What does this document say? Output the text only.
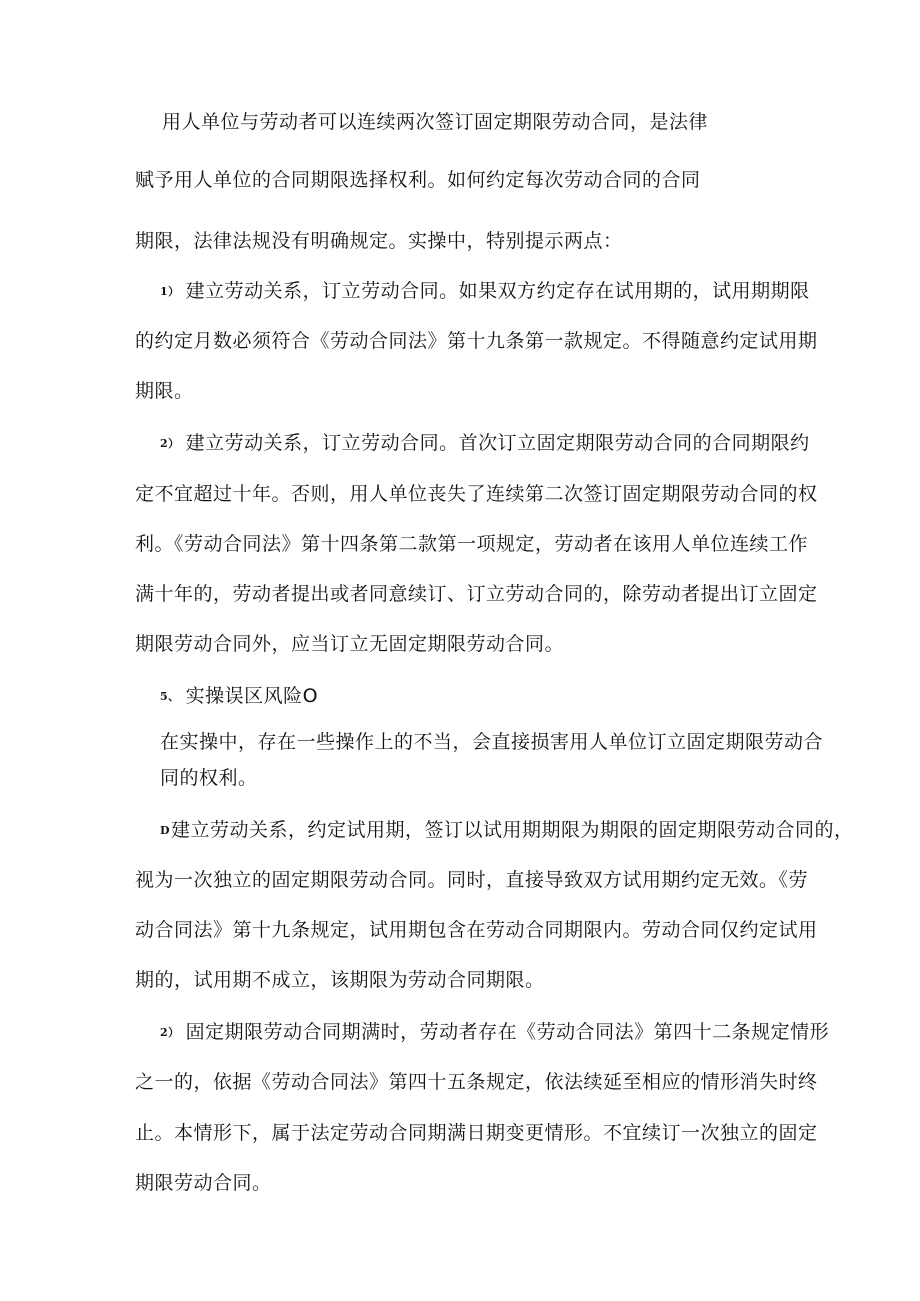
用人单位与劳动者可以连续两次签订固定期限劳动合同，是法律
赋予用人单位的合同期限选择权利。如何约定每次劳动合同的合同
期限，法律法规没有明确规定。实操中，特别提示两点：
1） 建立劳动关系，订立劳动合同。如果双方约定存在试用期的，试用期期限
的约定月数必须符合《劳动合同法》第十九条第一款规定。不得随意约定试用期
期限。
2） 建立劳动关系，订立劳动合同。首次订立固定期限劳动合同的合同期限约
定不宜超过十年。否则，用人单位丧失了连续第二次签订固定期限劳动合同的权
利。《劳动合同法》第十四条第二款第一项规定，劳动者在该用人单位连续工作
满十年的，劳动者提出或者同意续订、订立劳动合同的，除劳动者提出订立固定
期限劳动合同外，应当订立无固定期限劳动合同。
5、 实操误区风险O
在实操中，存在一些操作上的不当，会直接损害用人单位订立固定期限劳动合
同的权利。
D建立劳动关系，约定试用期，签订以试用期期限为期限的固定期限劳动合同的，
视为一次独立的固定期限劳动合同。同时，直接导致双方试用期约定无效。《劳
动合同法》第十九条规定，试用期包含在劳动合同期限内。劳动合同仅约定试用
期的，试用期不成立，该期限为劳动合同期限。
2） 固定期限劳动合同期满时，劳动者存在《劳动合同法》第四十二条规定情形
之一的，依据《劳动合同法》第四十五条规定，依法续延至相应的情形消失时终
止。本情形下，属于法定劳动合同期满日期变更情形。不宜续订一次独立的固定
期限劳动合同。
